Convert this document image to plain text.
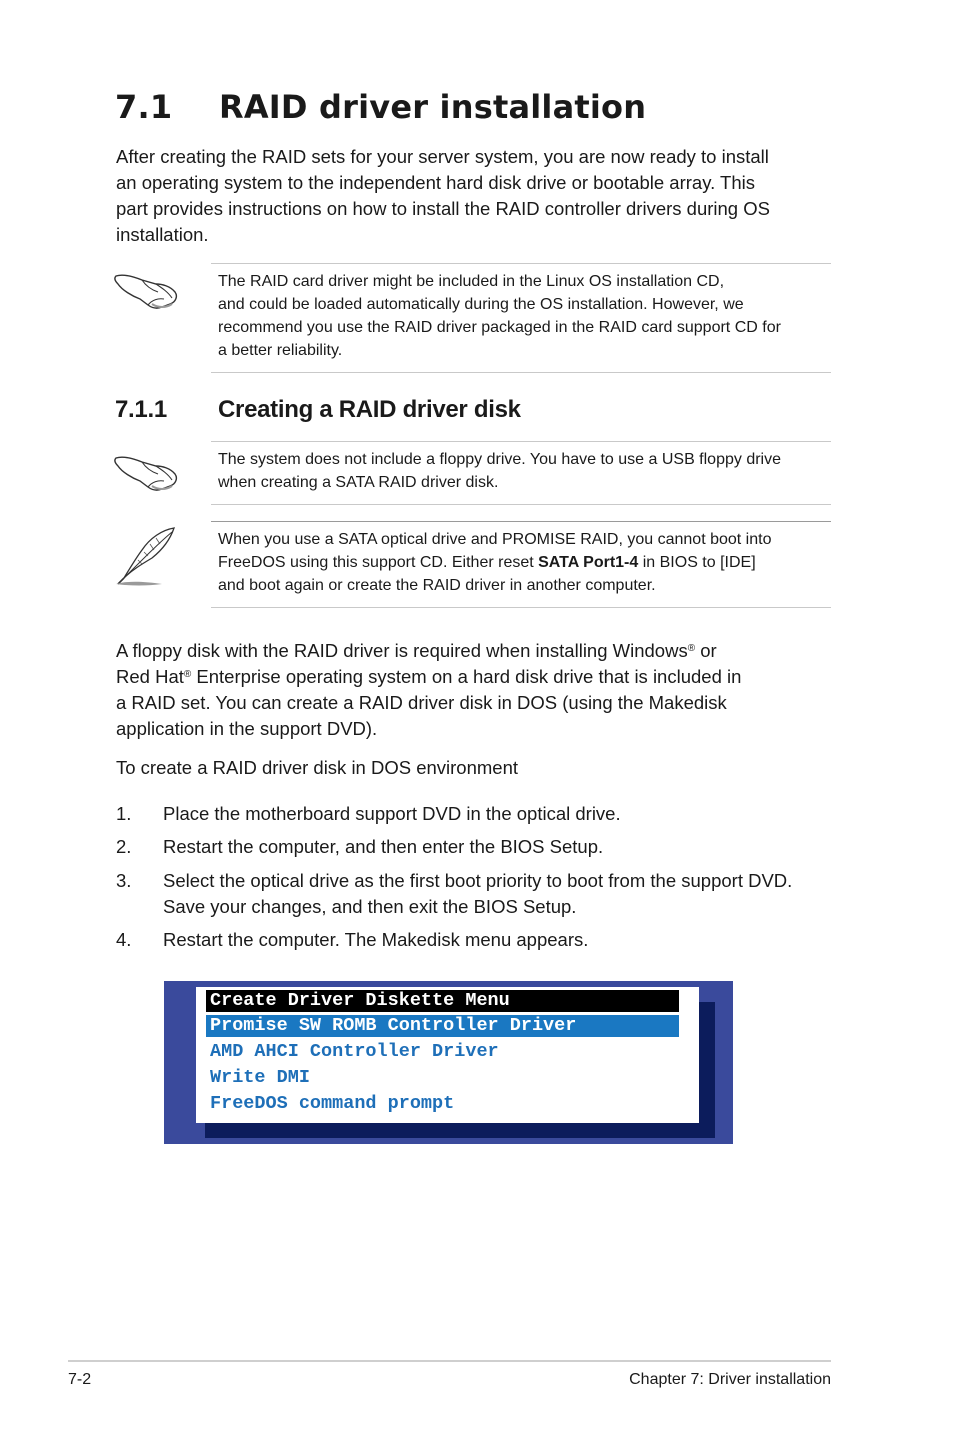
7.1 RAID driver installation
After creating the RAID sets for your server system, you are now ready to install
an operating system to the independent hard disk drive or bootable array. This
part provides instructions on how to install the RAID controller drivers during OS
installation.
The RAID card driver might be included in the Linux OS installation CD,
and could be loaded automatically during the OS installation. However, we
recommend you use the RAID driver packaged in the RAID card support CD for
a better reliability.
7.1.1 Creating a RAID driver disk
The system does not include a floppy drive. You have to use a USB floppy drive
when creating a SATA RAID driver disk.
When you use a SATA optical drive and PROMISE RAID, you cannot boot into
FreeDOS using this support CD. Either reset SATA Port1-4 in BIOS to [IDE]
and boot again or create the RAID driver in another computer.
A floppy disk with the RAID driver is required when installing Windows® or
Red Hat® Enterprise operating system on a hard disk drive that is included in
a RAID set. You can create a RAID driver disk in DOS (using the Makedisk
application in the support DVD).
To create a RAID driver disk in DOS environment
1. Place the motherboard support DVD in the optical drive.
2. Restart the computer, and then enter the BIOS Setup.
3. Select the optical drive as the first boot priority to boot from the support DVD.
Save your changes, and then exit the BIOS Setup.
4. Restart the computer. The Makedisk menu appears.
Create Driver Diskette Menu
Promise SW ROMB Controller Driver
AMD AHCI Controller Driver
Write DMI
FreeDOS command prompt
7-2	Chapter 7: Driver installation
